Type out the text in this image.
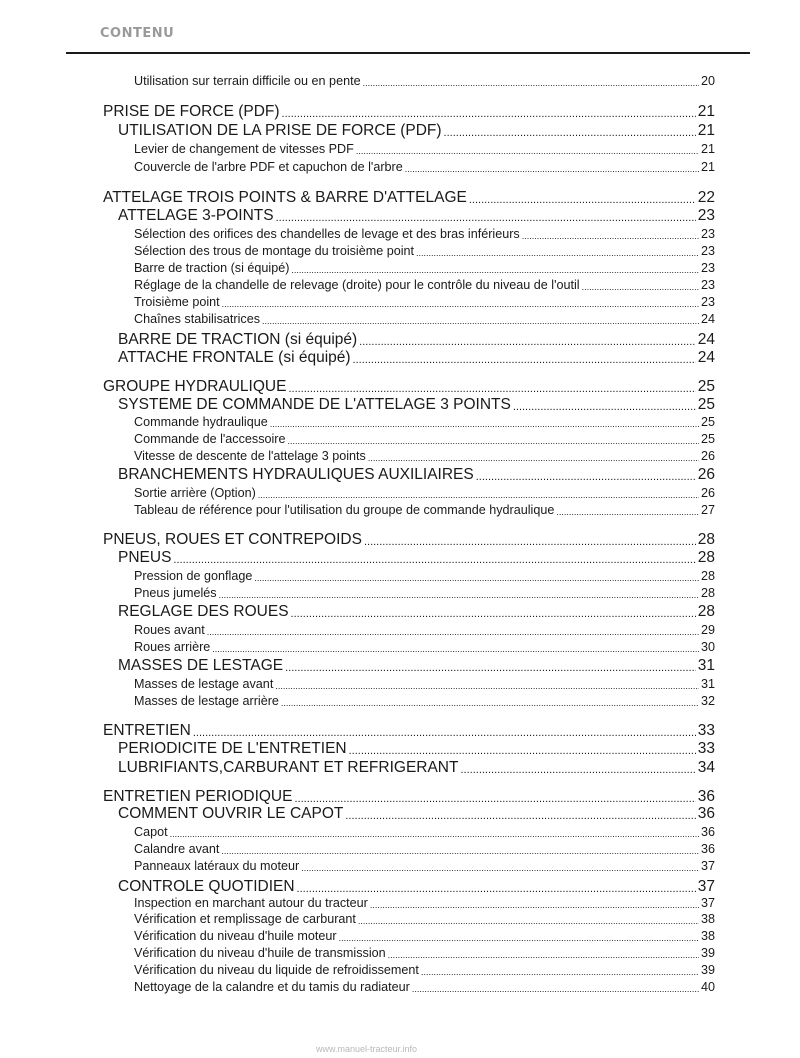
CONTENU
Utilisation sur terrain difficile ou en pente .....	20
PRISE DE FORCE (PDF) .....	21
UTILISATION DE LA PRISE DE FORCE (PDF) .....	21
Levier de changement de vitesses PDF .....	21
Couvercle de l'arbre PDF et capuchon de l'arbre .....	21
ATTELAGE TROIS POINTS & BARRE D'ATTELAGE .....	22
ATTELAGE 3-POINTS .....	23
Sélection des orifices des chandelles de levage et des bras inférieurs .....	23
Sélection des trous de montage du troisième point .....	23
Barre de traction (si équipé) .....	23
Réglage de la chandelle de relevage (droite) pour le contrôle du niveau de l'outil .....	23
Troisième point .....	23
Chaînes stabilisatrices .....	24
BARRE DE TRACTION (si équipé) .....	24
ATTACHE FRONTALE (si équipé) .....	24
GROUPE HYDRAULIQUE .....	25
SYSTÈME DE COMMANDE DE L'ATTELAGE 3 POINTS .....	25
Commande hydraulique .....	25
Commande de l'accessoire .....	25
Vitesse de descente de l'attelage 3 points .....	26
BRANCHEMENTS HYDRAULIQUES AUXILIAIRES .....	26
Sortie arrière (Option) .....	26
Tableau de référence pour l'utilisation du groupe de commande hydraulique .....	27
PNEUS, ROUES ET CONTREPOIDS .....	28
PNEUS .....	28
Pression de gonflage .....	28
Pneus jumelés .....	28
RÉGLAGE DES ROUES .....	28
Roues avant .....	29
Roues arrière .....	30
MASSES DE LESTAGE .....	31
Masses de lestage avant .....	31
Masses de lestage arrière .....	32
ENTRETIEN .....	33
PERIODICITE DE L'ENTRETIEN .....	33
LUBRIFIANTS,CARBURANT ET REFRIGERANT .....	34
ENTRETIEN PÉRIODIQUE .....	36
COMMENT OUVRIR LE CAPOT .....	36
Capot .....	36
Calandre avant .....	36
Panneaux latéraux du moteur .....	37
CONTRÔLE QUOTIDIEN .....	37
Inspection en marchant autour du tracteur .....	37
Vérification et remplissage de carburant .....	38
Vérification du niveau d'huile moteur .....	38
Vérification du niveau d'huile de transmission .....	39
Vérification du niveau du liquide de refroidissement .....	39
Nettoyage de la calandre et du tamis du radiateur .....	40
www.manuel-tracteur.info
